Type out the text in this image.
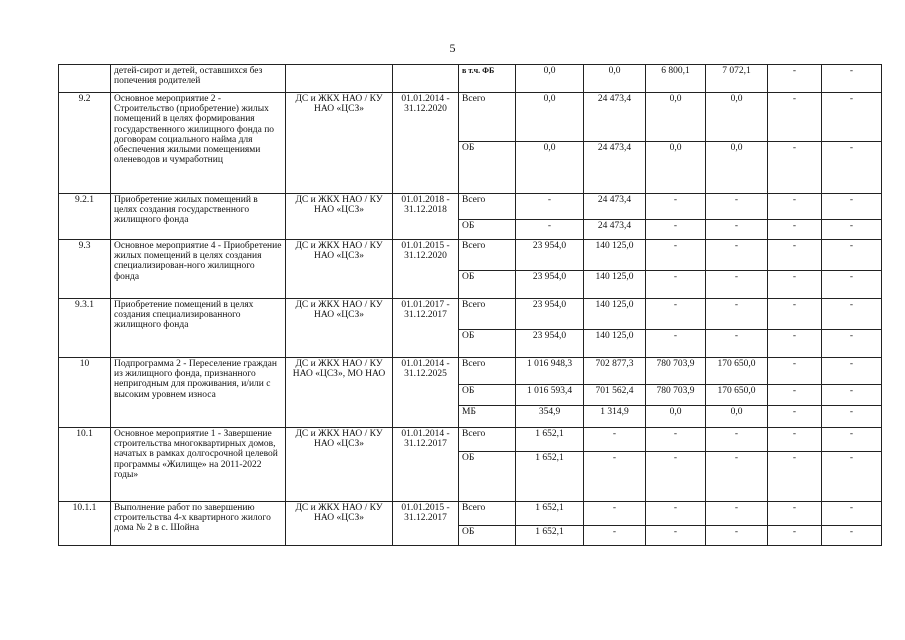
5
	детей-сирот и детей, оставшихся без попечения родителей			в т.ч. ФБ	0,0	0,0	6 800,1	7 072,1	-	-
9.2	Основное мероприятие 2 - Строительство (приобретение) жилых помещений в целях формирования государственного жилищного фонда по договорам социального найма для обеспечения жилыми помещениями оленеводов и чумработниц	ДС и ЖКХ НАО / КУ НАО «ЦСЗ»	01.01.2014 - 31.12.2020	Всего	0,0	24 473,4	0,0	0,0	-	-
				ОБ	0,0	24 473,4	0,0	0,0	-	-
9.2.1	Приобретение жилых помещений в целях создания государственного жилищного фонда	ДС и ЖКХ НАО / КУ НАО «ЦСЗ»	01.01.2018 - 31.12.2018	Всего	-	24 473,4	-	-	-	-
				ОБ	-	24 473,4	-	-	-	-
9.3	Основное мероприятие 4 - Приобретение жилых помещений в целях создания специализирован-ного жилищного фонда	ДС и ЖКХ НАО / КУ НАО «ЦСЗ»	01.01.2015 - 31.12.2020	Всего	23 954,0	140 125,0	-	-	-	-
				ОБ	23 954,0	140 125,0	-	-	-	-
9.3.1	Приобретение помещений в целях создания специализированного жилищного фонда	ДС и ЖКХ НАО / КУ НАО «ЦСЗ»	01.01.2017 - 31.12.2017	Всего	23 954,0	140 125,0	-	-	-	-
				ОБ	23 954,0	140 125,0	-	-	-	-
10	Подпрограмма 2 - Переселение граждан из жилищного фонда, признанного непригодным для проживания, и/или с высоким уровнем износа	ДС и ЖКХ НАО / КУ НАО «ЦСЗ», МО НАО	01.01.2014 - 31.12.2025	Всего	1 016 948,3	702 877,3	780 703,9	170 650,0	-	-
				ОБ	1 016 593,4	701 562,4	780 703,9	170 650,0	-	-
				МБ	354,9	1 314,9	0,0	0,0	-	-
10.1	Основное мероприятие 1 - Завершение строительства многоквартирных домов, начатых в рамках долгосрочной целевой программы «Жилище» на 2011-2022 годы»	ДС и ЖКХ НАО / КУ НАО «ЦСЗ»	01.01.2014 - 31.12.2017	Всего	1 652,1	-	-	-	-	-
				ОБ	1 652,1	-	-	-	-	-
10.1.1	Выполнение работ по завершению строительства 4-х квартирного жилого дома № 2 в с. Шойна	ДС и ЖКХ НАО / КУ НАО «ЦСЗ»	01.01.2015 - 31.12.2017	Всего	1 652,1	-	-	-	-	-
				ОБ	1 652,1	-	-	-	-	-
